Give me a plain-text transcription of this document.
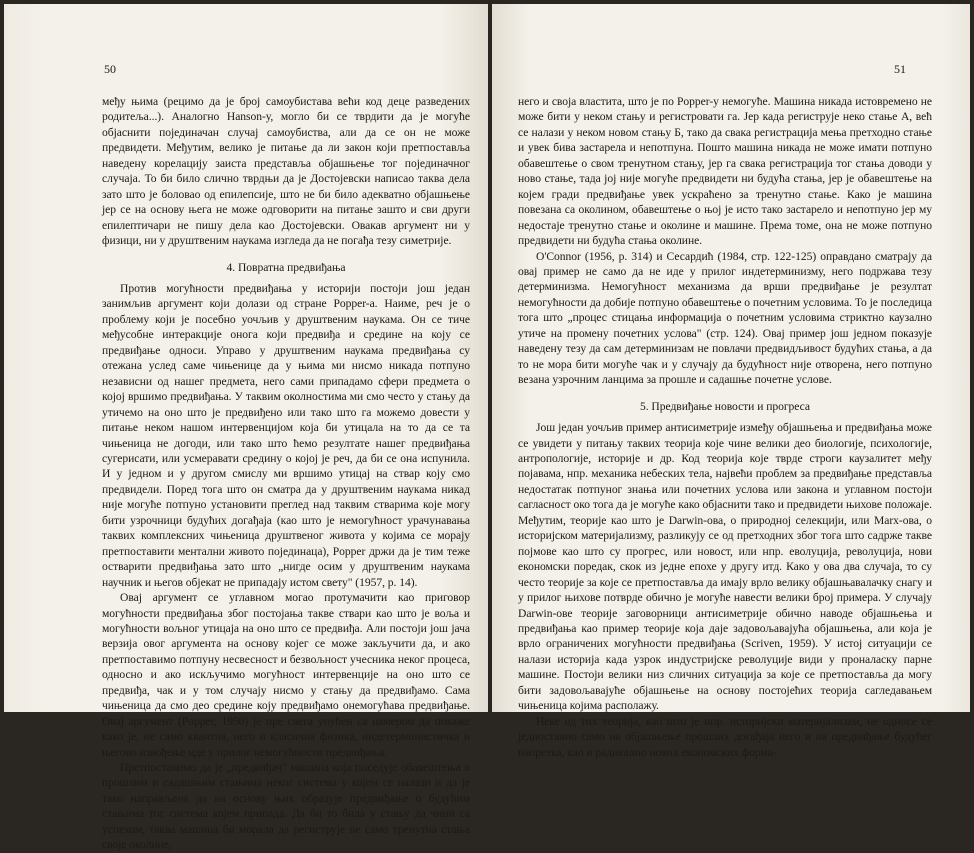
50

међу њима (рецимо да је број самоубистава већи код деце разведених родитеља...). Аналогно Hanson-у, могло би се тврдити да је могуће објаснити појединачан случај самоубиства, али да се он не може предвидети. Међутим, велико је питање да ли закон који претпоставља наведену корелацију заиста представља објашњење тог појединачног случаја. То би било слично тврдњи да је Достојевски написао таква дела зато што је боловао од епилепсије, што не би било адекватно објашњење јер се на основу њега не може одговорити на питање зашто и сви други епилептичари не пишу дела као Достојевски. Овакав аргумент ни у физици, ни у друштвеним наукама изгледа да не погађа тезу симетрије.

4. Повратна предвиђања

Против могућности предвиђања у историји постоји још један занимљив аргумент који долази од стране Popper-а. Наиме, реч је о проблему који је посебно уочљив у друштвеним наукама. Он се тиче међусобне интеракције онога који предвиђа и средине на коју се предвиђање односи. Управо у друштвеним наукама предвиђања су отежана услед саме чињенице да у њима ми нисмо никада потпуно независни од нашег предмета, него сами припадамо сфери предмета о којој вршимо предвиђања. У таквим околностима ми смо често у стању да утичемо на оно што је предвиђено или тако што га можемо довести у питање неком нашом интервенцијом која би утицала на то да се та чињеница не догоди, или тако што ћемо резултате нашег предвиђања сугерисати, или усмеравати средину о којој је реч, да би се она испунила. И у једном и у другом смислу ми вршимо утицај на ствар коју смо предвидели. Поред тога што он сматра да у друштвеним наукама никад није могуће потпуно установити преглед над таквим стварима које могу бити узрочници будућих догађаја (као што је немогућност урачунавања таквих комплексних чињеница друштвеног живота у којима се морају претпоставити ментални живото појединаца), Popper држи да је тим теже остварити предвиђања зато што „нигде осим у друштвеним наукама научник и његов објекат не припадају истом свету" (1957, p. 14).

Овај аргумент се углавном могао протумачити као приговор могућности предвиђања због постојања такве ствари као што је воља и могућности вољног утицаја на оно што се предвиђа. Али постоји још јача верзија овог аргумента на основу којег се може закључити да, и ако претпоставимо потпуну несвесност и безвољност учесника неког процеса, односно и ако искључимо могућност интервенције на оно што се предвиђа, чак и у том случају нисмо у стању да предвиђамо. Сама чињеница да смо део средине коју предвиђамо онемогућава предвиђање. Овај аргумент (Popper, 1950) је пре свега упућен са намером да покаже како је, не само квантна, него и класична физика, индетерминистичка и његово извођење иде у прилог немогућности предвиђања.

Претпоставимо да је „предвиђач" машина која поседује обавештења о прошлим и садашњим стањима неког система у којем се налази и да је тако направљена да на основу њих образује предвиђање о будућим стањима тог система којем припада. Да би то била у стању да чини са успехом, таква машина би морала да региструје не само тренутна стања своје околине,

51

него и своја властита, што је по Popper-у немогуће. Машина никада истовремено не може бити у неком стању и регистровати га. Јер када региструје неко стање А, већ се налази у неком новом стању Б, тако да свака регистрација мења претходно стање и увек бива застарела и непотпуна. Пошто машина никада не може имати потпуно обавештење о свом тренутном стању, јер га свака регистрација тог стања доводи у ново стање, тада јој није могуће предвидети ни будућа стања, јер је обавештење на којем гради предвиђање увек ускраћено за тренутно стање. Како је машина повезана са околином, обавештење о њој је исто тако застарело и непотпуно јер му недостаје тренутно стање и околине и машине. Према томе, она не може потпуно предвидети ни будућа стања околине.

O'Connor (1956, p. 314) и Сесардић (1984, стр. 122-125) оправдано сматрају да овај пример не само да не иде у прилог индетерминизму, него подржава тезу детерминизма. Немогућност механизма да врши предвиђање је резултат немогућности да добије потпуно обавештење о почетним условима. То је последица тога што „процес стицања информација о почетним условима стриктно каузално утиче на промену почетних услова" (стр. 124). Овај пример још једном показује наведену тезу да сам детерминизам не повлачи предвидљивост будућих стања, а да то не мора бити могуће чак и у случају да будућност није отворена, него потпуно везана узрочним ланцима за прошле и садашње почетне услове.

5. Предвиђање новости и прогреса

Још један уочљив пример антисиметрије између објашњења и предвиђања може се увидети у питању таквих теорија које чине велики део биологије, психологије, антропологије, историје и др. Код теорија које тврде строги каузалитет међу појавама, нпр. механика небеских тела, највећи проблем за предвиђање представља недостатак потпуног знања или почетних услова или закона и углавном постоји сагласност око тога да је могуће како објаснити тако и предвидети њихове положаје. Међутим, теорије као што је Darwin-ова, о природној селекцији, или Marx-ова, о историјском материјализму, разликују се од претходних због тога што садрже такве појмове као што су прогрес, или новост, или нпр. еволуција, револуција, нови економски поредак, скок из једне епохе у другу итд. Како у ова два случаја, то су често теорије за које се претпоставља да имају врло велику објашњавалачку снагу и у прилог њихове потврде обично је могуће навести велики број примера. У случају Darwin-ове теорије заговорници антисиметрије обично наводе објашњења и предвиђања као пример теорије која даје задовољавајућа објашњења, али која је врло ограничених могућности предвиђања (Scriven, 1959). У истој ситуацији се налази историја када узрок индустријске револуције види у проналаску парне машине. Постоји велики низ сличних ситуација за које се претпоставља да могу бити задовољавајуће објашњење на основу постојећих теорија сагледавањем чињеница којима располажу.

Неке од тих теорија, као што је нпр. историјски материјализам, не односе се једноставно само на објашњење прошлих догађаја него и на предвиђање будућег напретка, као и радикално нових економских форма-
